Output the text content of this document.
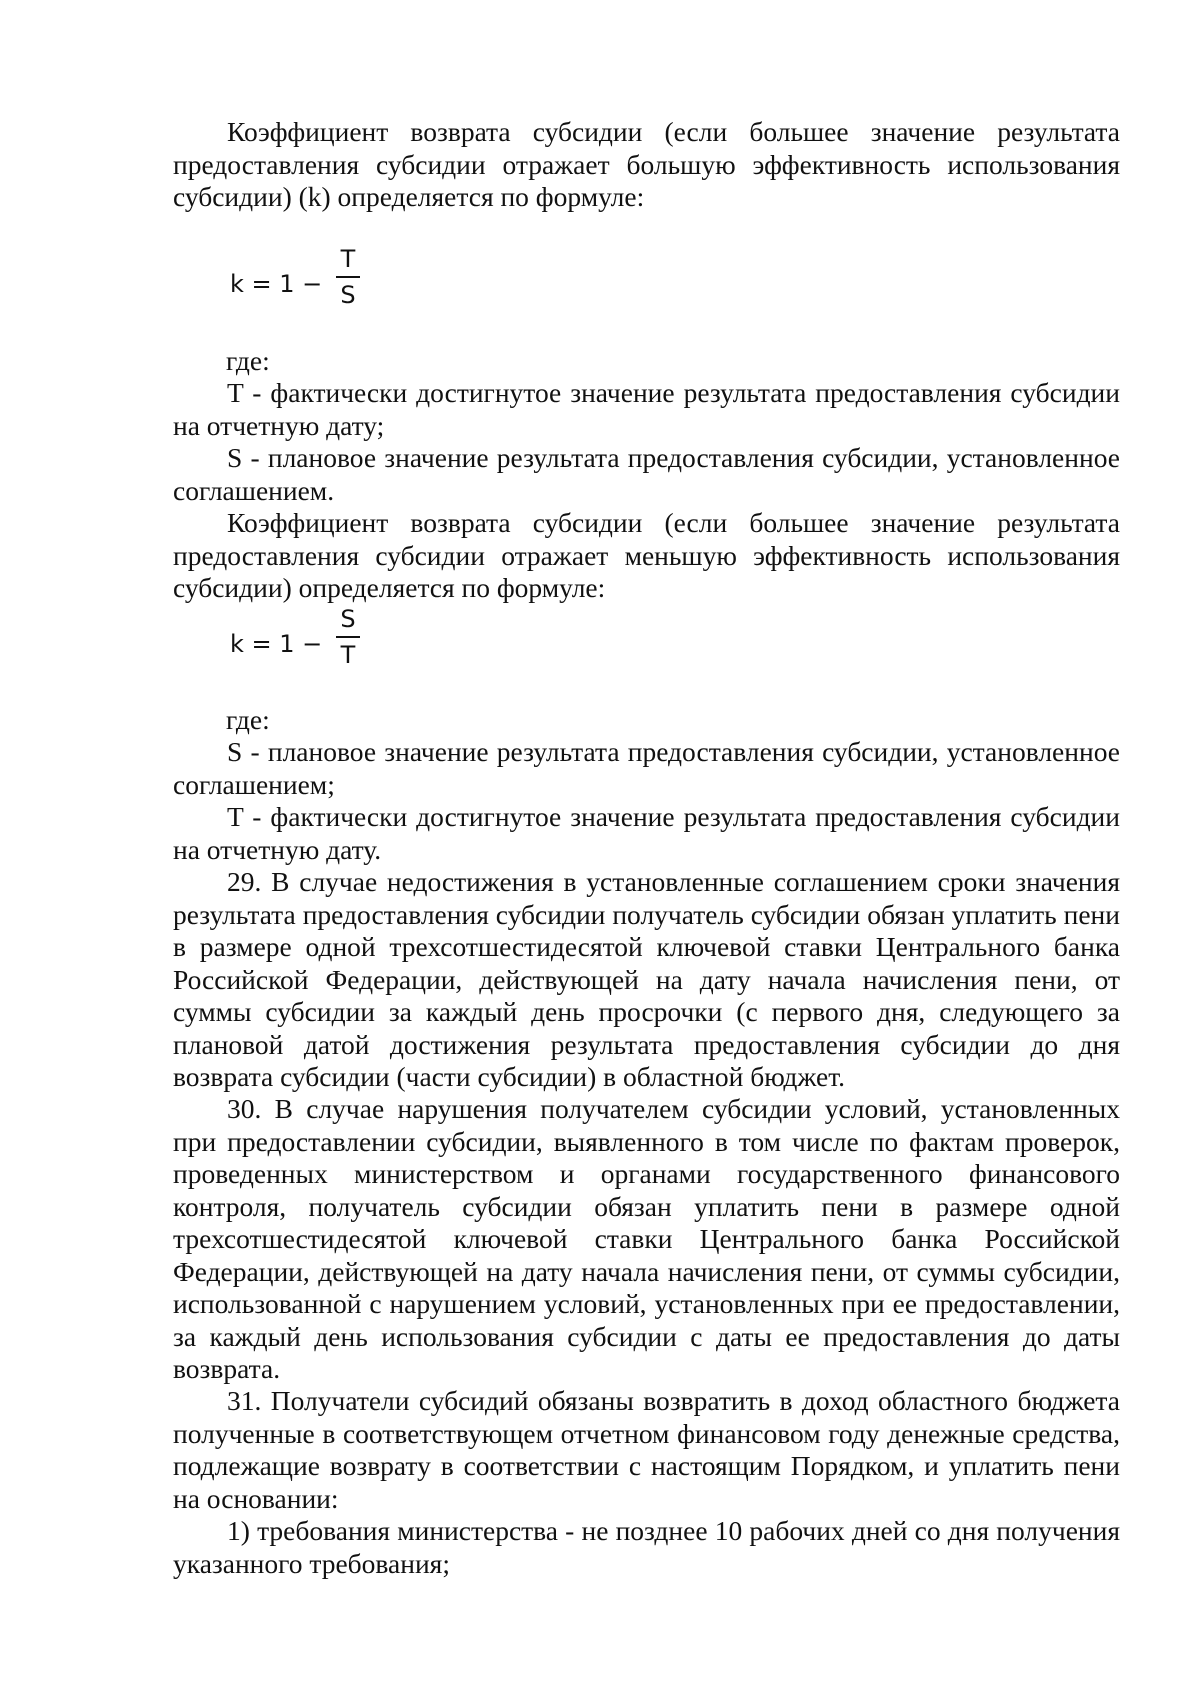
Коэффициент возврата субсидии (если большее значение результата предоставления субсидии отражает большую эффективность использования субсидии) (k) определяется по формуле:

k = 1 −
T
S

где:

T - фактически достигнутое значение результата предоставления субсидии на отчетную дату;

S - плановое значение результата предоставления субсидии, установленное соглашением.

Коэффициент возврата субсидии (если большее значение результата предоставления субсидии отражает меньшую эффективность использования субсидии) определяется по формуле:

k = 1 −
S
T

где:

S - плановое значение результата предоставления субсидии, установленное соглашением;

T - фактически достигнутое значение результата предоставления субсидии на отчетную дату.

29. В случае недостижения в установленные соглашением сроки значения результата предоставления субсидии получатель субсидии обязан уплатить пени в размере одной трехсотшестидесятой ключевой ставки Центрального банка Российской Федерации, действующей на дату начала начисления пени, от суммы субсидии за каждый день просрочки (с первого дня, следующего за плановой датой достижения результата предоставления субсидии до дня возврата субсидии (части субсидии) в областной бюджет.

30. В случае нарушения получателем субсидии условий, установленных при предоставлении субсидии, выявленного в том числе по фактам проверок, проведенных министерством и органами государственного финансового контроля, получатель субсидии обязан уплатить пени в размере одной трехсотшестидесятой ключевой ставки Центрального банка Российской Федерации, действующей на дату начала начисления пени, от суммы субсидии, использованной с нарушением условий, установленных при ее предоставлении, за каждый день использования субсидии с даты ее предоставления до даты возврата.

31. Получатели субсидий обязаны возвратить в доход областного бюджета полученные в соответствующем отчетном финансовом году денежные средства, подлежащие возврату в соответствии с настоящим Порядком, и уплатить пени на основании:

1) требования министерства - не позднее 10 рабочих дней со дня получения указанного требования;
